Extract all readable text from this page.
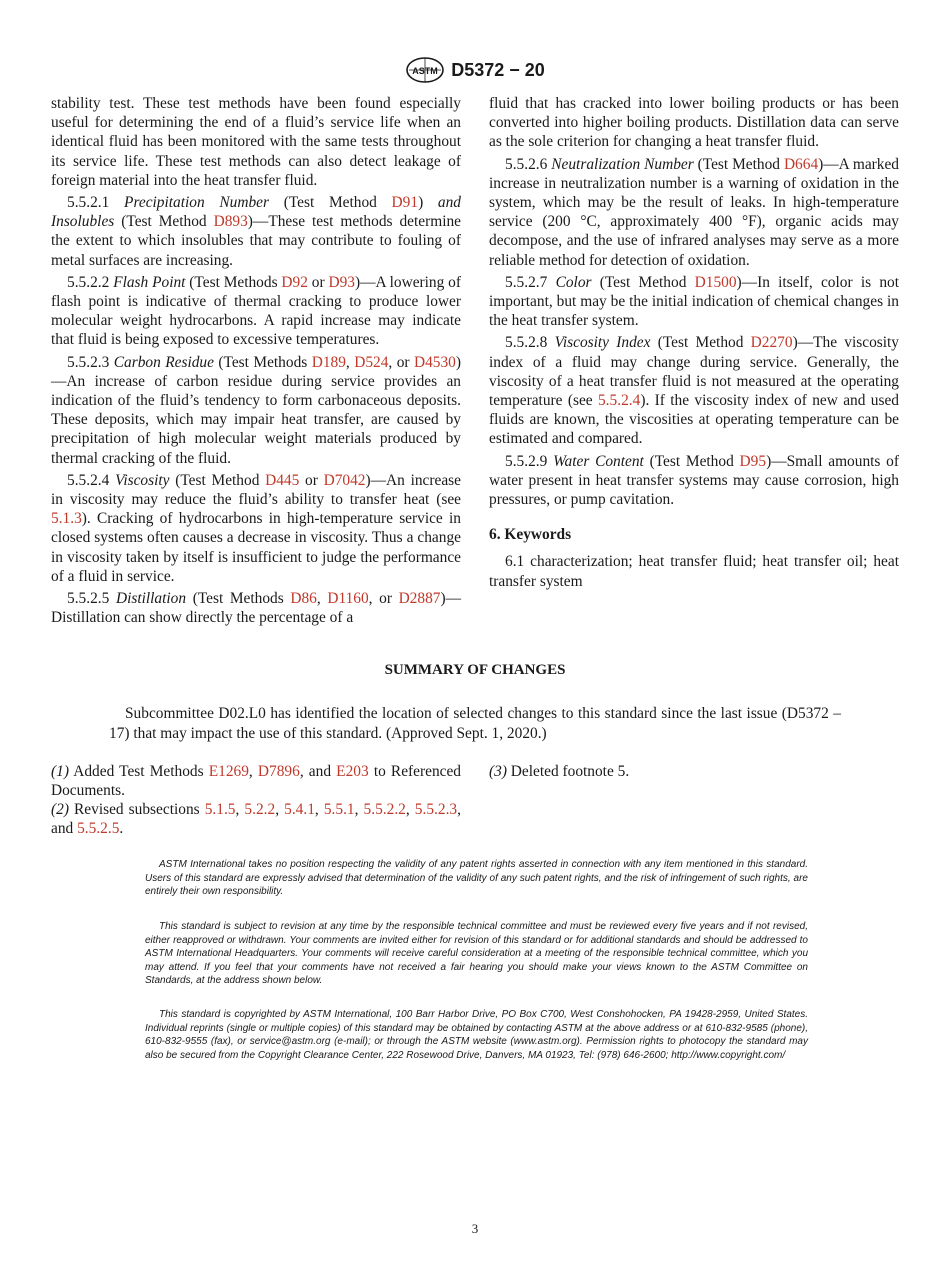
ASTM D5372 − 20

stability test. These test methods have been found especially useful for determining the end of a fluid’s service life when an identical fluid has been monitored with the same tests throughout its service life. These test methods can also detect leakage of foreign material into the heat transfer fluid.

5.5.2.1 Precipitation Number (Test Method D91) and Insolubles (Test Method D893)—These test methods determine the extent to which insolubles that may contribute to fouling of metal surfaces are increasing.

5.5.2.2 Flash Point (Test Methods D92 or D93)—A lowering of flash point is indicative of thermal cracking to produce lower molecular weight hydrocarbons. A rapid increase may indicate that fluid is being exposed to excessive temperatures.

5.5.2.3 Carbon Residue (Test Methods D189, D524, or D4530)—An increase of carbon residue during service provides an indication of the fluid’s tendency to form carbonaceous deposits. These deposits, which may impair heat transfer, are caused by precipitation of high molecular weight materials produced by thermal cracking of the fluid.

5.5.2.4 Viscosity (Test Method D445 or D7042)—An increase in viscosity may reduce the fluid’s ability to transfer heat (see 5.1.3). Cracking of hydrocarbons in high-temperature service in closed systems often causes a decrease in viscosity. Thus a change in viscosity taken by itself is insufficient to judge the performance of a fluid in service.

5.5.2.5 Distillation (Test Methods D86, D1160, or D2887)—Distillation can show directly the percentage of a

fluid that has cracked into lower boiling products or has been converted into higher boiling products. Distillation data can serve as the sole criterion for changing a heat transfer fluid.

5.5.2.6 Neutralization Number (Test Method D664)—A marked increase in neutralization number is a warning of oxidation in the system, which may be the result of leaks. In high-temperature service (200 °C, approximately 400 °F), organic acids may decompose, and the use of infrared analyses may serve as a more reliable method for detection of oxidation.

5.5.2.7 Color (Test Method D1500)—In itself, color is not important, but may be the initial indication of chemical changes in the heat transfer system.

5.5.2.8 Viscosity Index (Test Method D2270)—The viscosity index of a fluid may change during service. Generally, the viscosity of a heat transfer fluid is not measured at the operating temperature (see 5.5.2.4). If the viscosity index of new and used fluids are known, the viscosities at operating temperature can be estimated and compared.

5.5.2.9 Water Content (Test Method D95)—Small amounts of water present in heat transfer systems may cause corrosion, high pressures, or pump cavitation.

6. Keywords

6.1 characterization; heat transfer fluid; heat transfer oil; heat transfer system

SUMMARY OF CHANGES
Subcommittee D02.L0 has identified the location of selected changes to this standard since the last issue (D5372 – 17) that may impact the use of this standard. (Approved Sept. 1, 2020.)

(1) Added Test Methods E1269, D7896, and E203 to Referenced Documents.

(2) Revised subsections 5.1.5, 5.2.2, 5.4.1, 5.5.1, 5.5.2.2, 5.5.2.3, and 5.5.2.5.

(3) Deleted footnote 5.

ASTM International takes no position respecting the validity of any patent rights asserted in connection with any item mentioned in this standard. Users of this standard are expressly advised that determination of the validity of any such patent rights, and the risk of infringement of such rights, are entirely their own responsibility.
This standard is subject to revision at any time by the responsible technical committee and must be reviewed every five years and if not revised, either reapproved or withdrawn. Your comments are invited either for revision of this standard or for additional standards and should be addressed to ASTM International Headquarters. Your comments will receive careful consideration at a meeting of the responsible technical committee, which you may attend. If you feel that your comments have not received a fair hearing you should make your views known to the ASTM Committee on Standards, at the address shown below.
This standard is copyrighted by ASTM International, 100 Barr Harbor Drive, PO Box C700, West Conshohocken, PA 19428-2959, United States. Individual reprints (single or multiple copies) of this standard may be obtained by contacting ASTM at the above address or at 610-832-9585 (phone), 610-832-9555 (fax), or service@astm.org (e-mail); or through the ASTM website (www.astm.org). Permission rights to photocopy the standard may also be secured from the Copyright Clearance Center, 222 Rosewood Drive, Danvers, MA 01923, Tel: (978) 646-2600; http://www.copyright.com/
3
